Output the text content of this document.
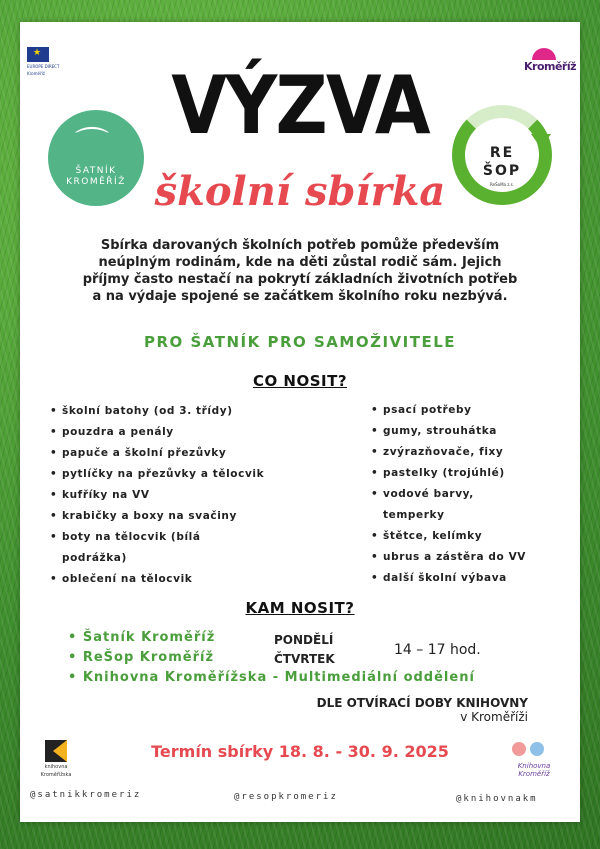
★
EUROPE DIRECT
Kroměříž
Kroměříž
⌒
ŠATNÍK
KROMĚŘÍŽ
RE
ŠOP
ReŠoMa z.s.
VÝZVA
školní sbírka
Sbírka darovaných školních potřeb pomůže především neúplným rodinám, kde na děti zůstal rodič sám. Jejich příjmy často nestačí na pokrytí základních životních potřeb a na výdaje spojené se začátkem školního roku nezbývá.
PRO ŠATNÍK PRO SAMOŽIVITELE
CO NOSIT?
• školní batohy (od 3. třídy)
• pouzdra a penály
• papuče a školní přezůvky
• pytlíčky na přezůvky a tělocvik
• kufříky na VV
• krabičky a boxy na svačiny
• boty na tělocvik (bílá podrážka)
• oblečení na tělocvik
• psací potřeby
• gumy, strouhátka
• zvýrazňovače, fixy
• pastelky (trojúhlé)
• vodové barvy, temperky
• štětce, kelímky
• ubrus a zástěra do VV
• další školní výbava
KAM NOSIT?
• Šatník Kroměříž
• ReŠop Kroměříž
• Knihovna Kroměřížska - Multimediální oddělení
PONDĚLÍ
ČTVRTEK
14 – 17 hod.
DLE OTVÍRACÍ DOBY KNIHOVNY
v Kroměříži
knihovna
Kroměřížska
Termín sbírky 18. 8. - 30. 9. 2025
Knihovna Kroměříž
@satnikkromeriz	@resopkromeriz	@knihovnakm
